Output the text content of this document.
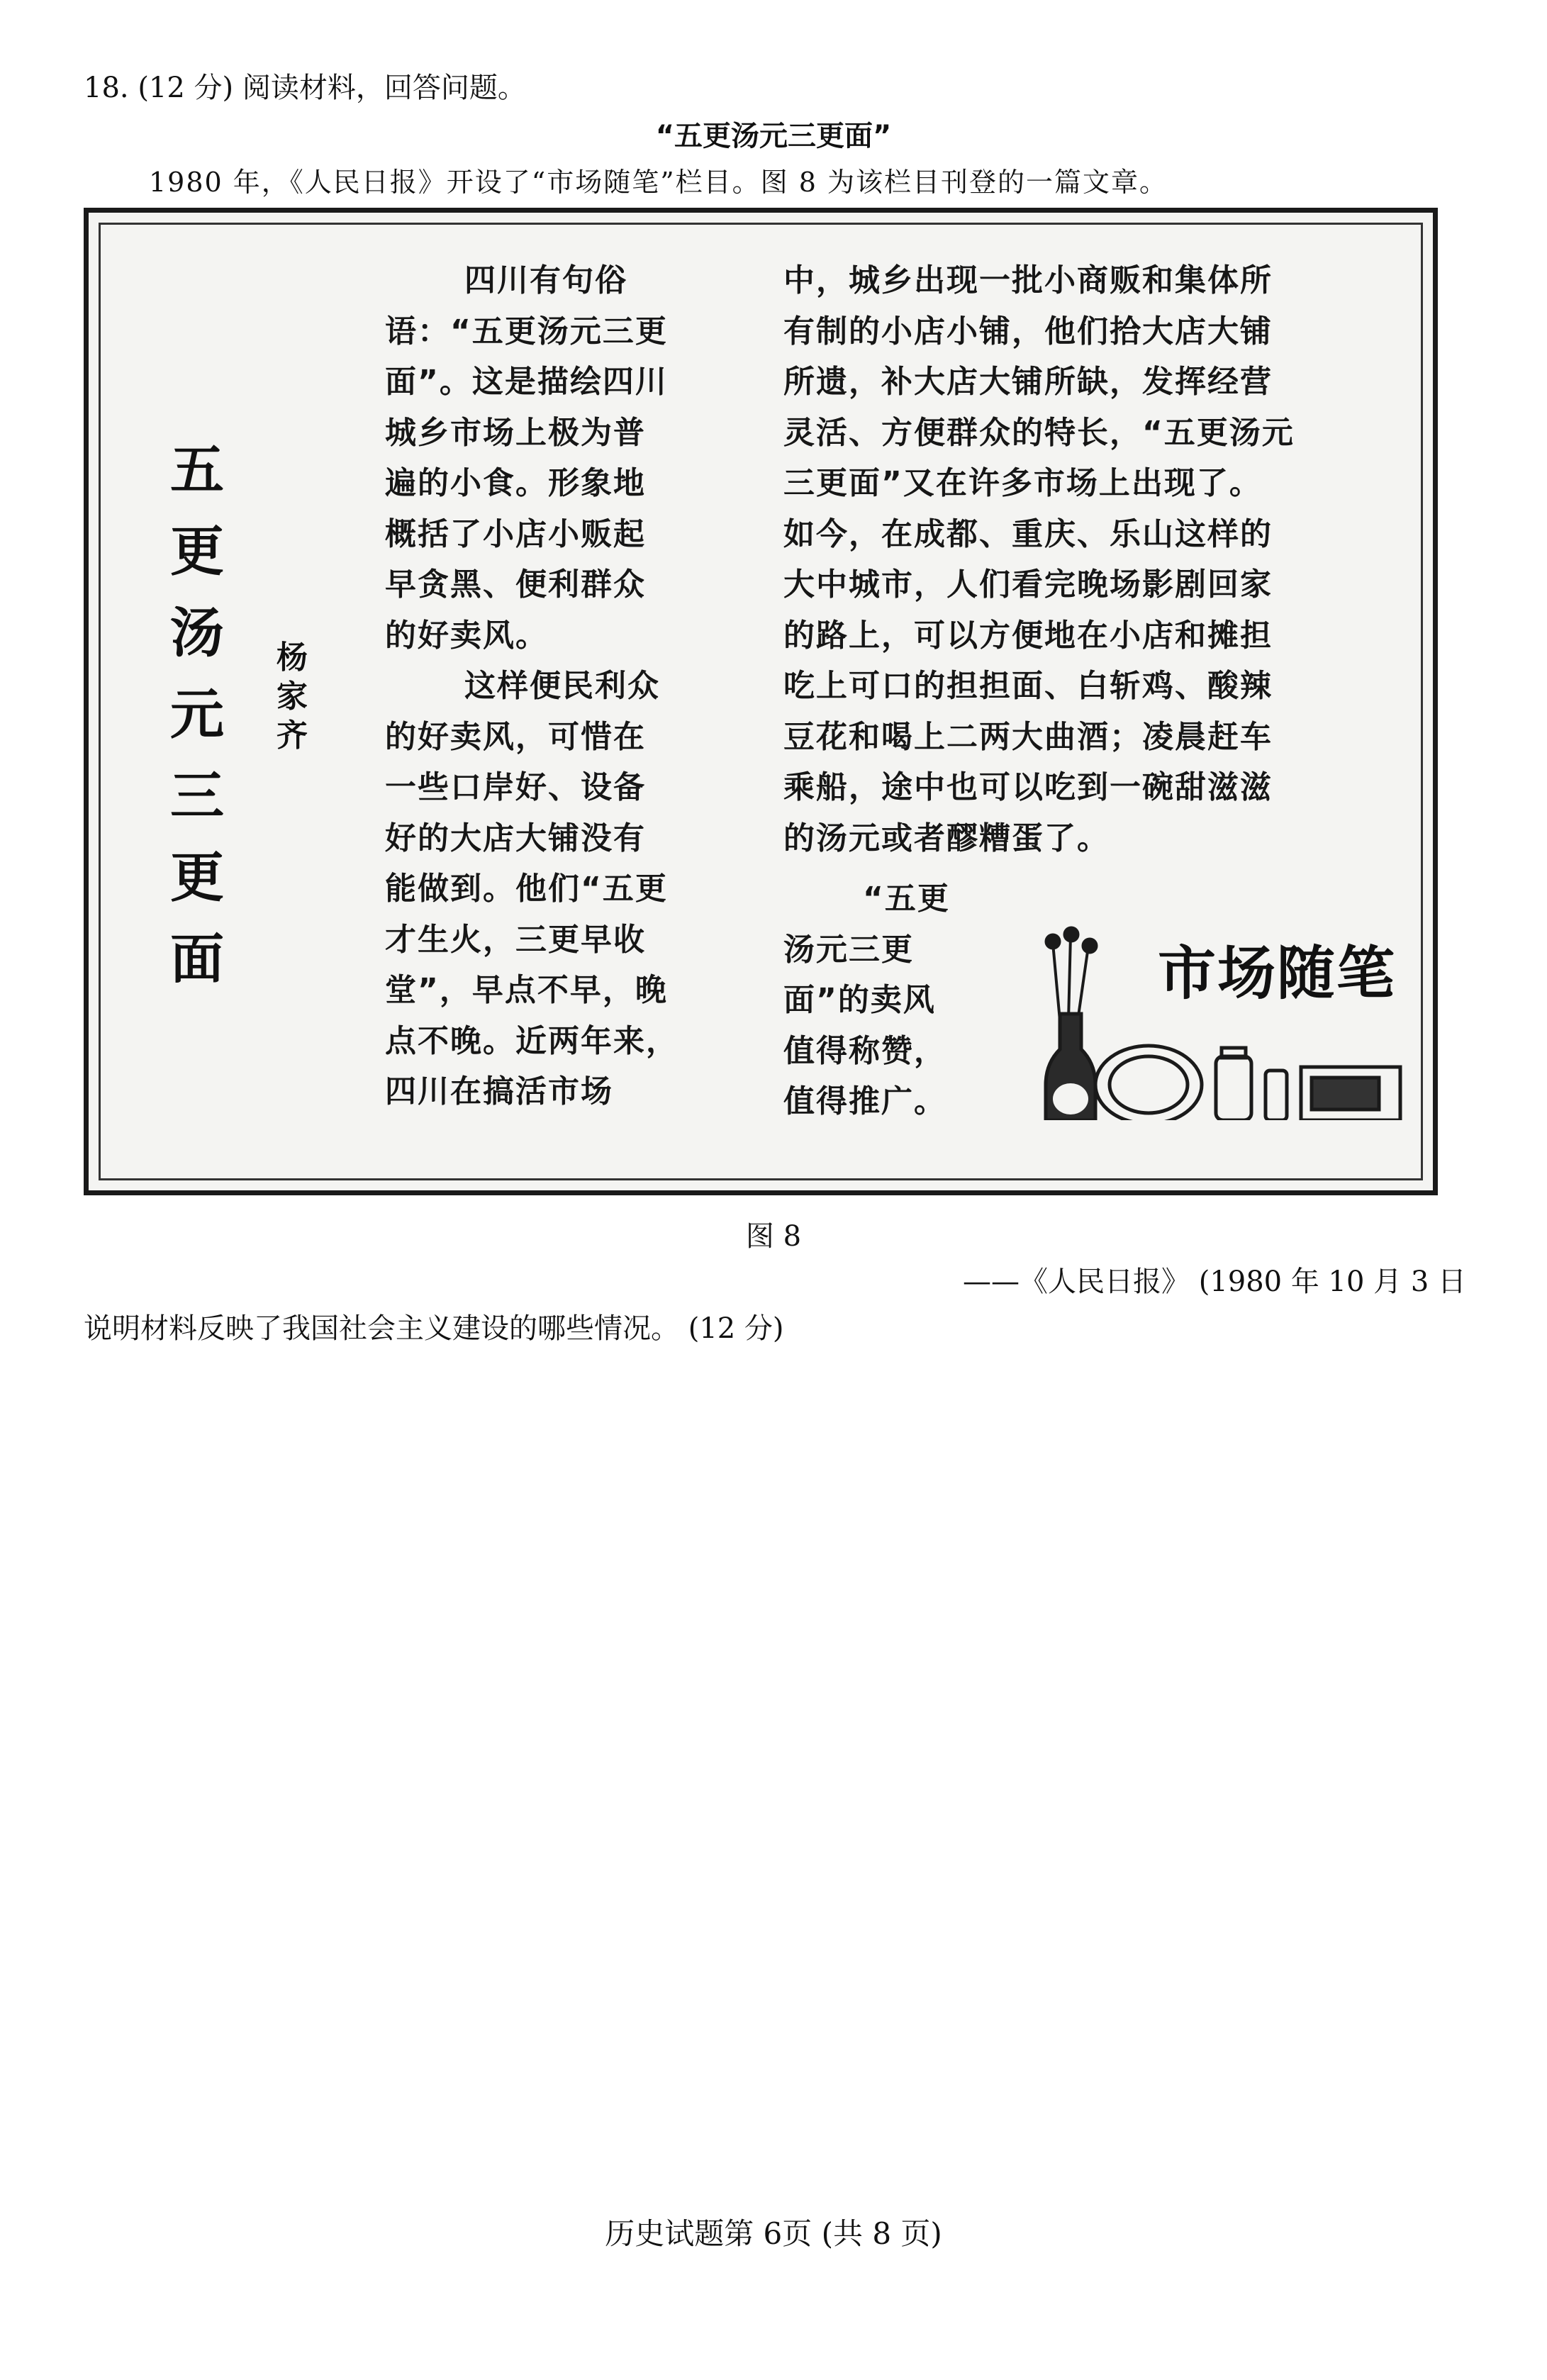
18. (12 分) 阅读材料，回答问题。
“五更汤元三更面”
1980 年，《人民日报》开设了“市场随笔”栏目。图 8 为该栏目刊登的一篇文章。
五
更
汤
元
三
更
面
杨
家
齐
四川有句俗
语：“五更汤元三更
面”。这是描绘四川
城乡市场上极为普
遍的小食。形象地
概括了小店小贩起
早贪黑、便利群众
的好卖风。
这样便民利众
的好卖风，可惜在
一些口岸好、设备
好的大店大铺没有
能做到。他们“五更
才生火，三更早收
堂”，早点不早，晚
点不晚。近两年来，
四川在搞活市场
中，城乡出现一批小商贩和集体所
有制的小店小铺，他们拾大店大铺
所遗，补大店大铺所缺，发挥经营
灵活、方便群众的特长，“五更汤元
三更面”又在许多市场上出现了。
如今，在成都、重庆、乐山这样的
大中城市，人们看完晚场影剧回家
的路上，可以方便地在小店和摊担
吃上可口的担担面、白斩鸡、酸辣
豆花和喝上二两大曲酒；凌晨赶车
乘船，途中也可以吃到一碗甜滋滋
的汤元或者醪糟蛋了。
“五更
汤元三更
面”的卖风
值得称赞，
值得推广。
市场随笔
图 8
——《人民日报》 (1980 年 10 月 3 日
说明材料反映了我国社会主义建设的哪些情况。 (12 分)
历史试题第 6页 (共 8 页)
